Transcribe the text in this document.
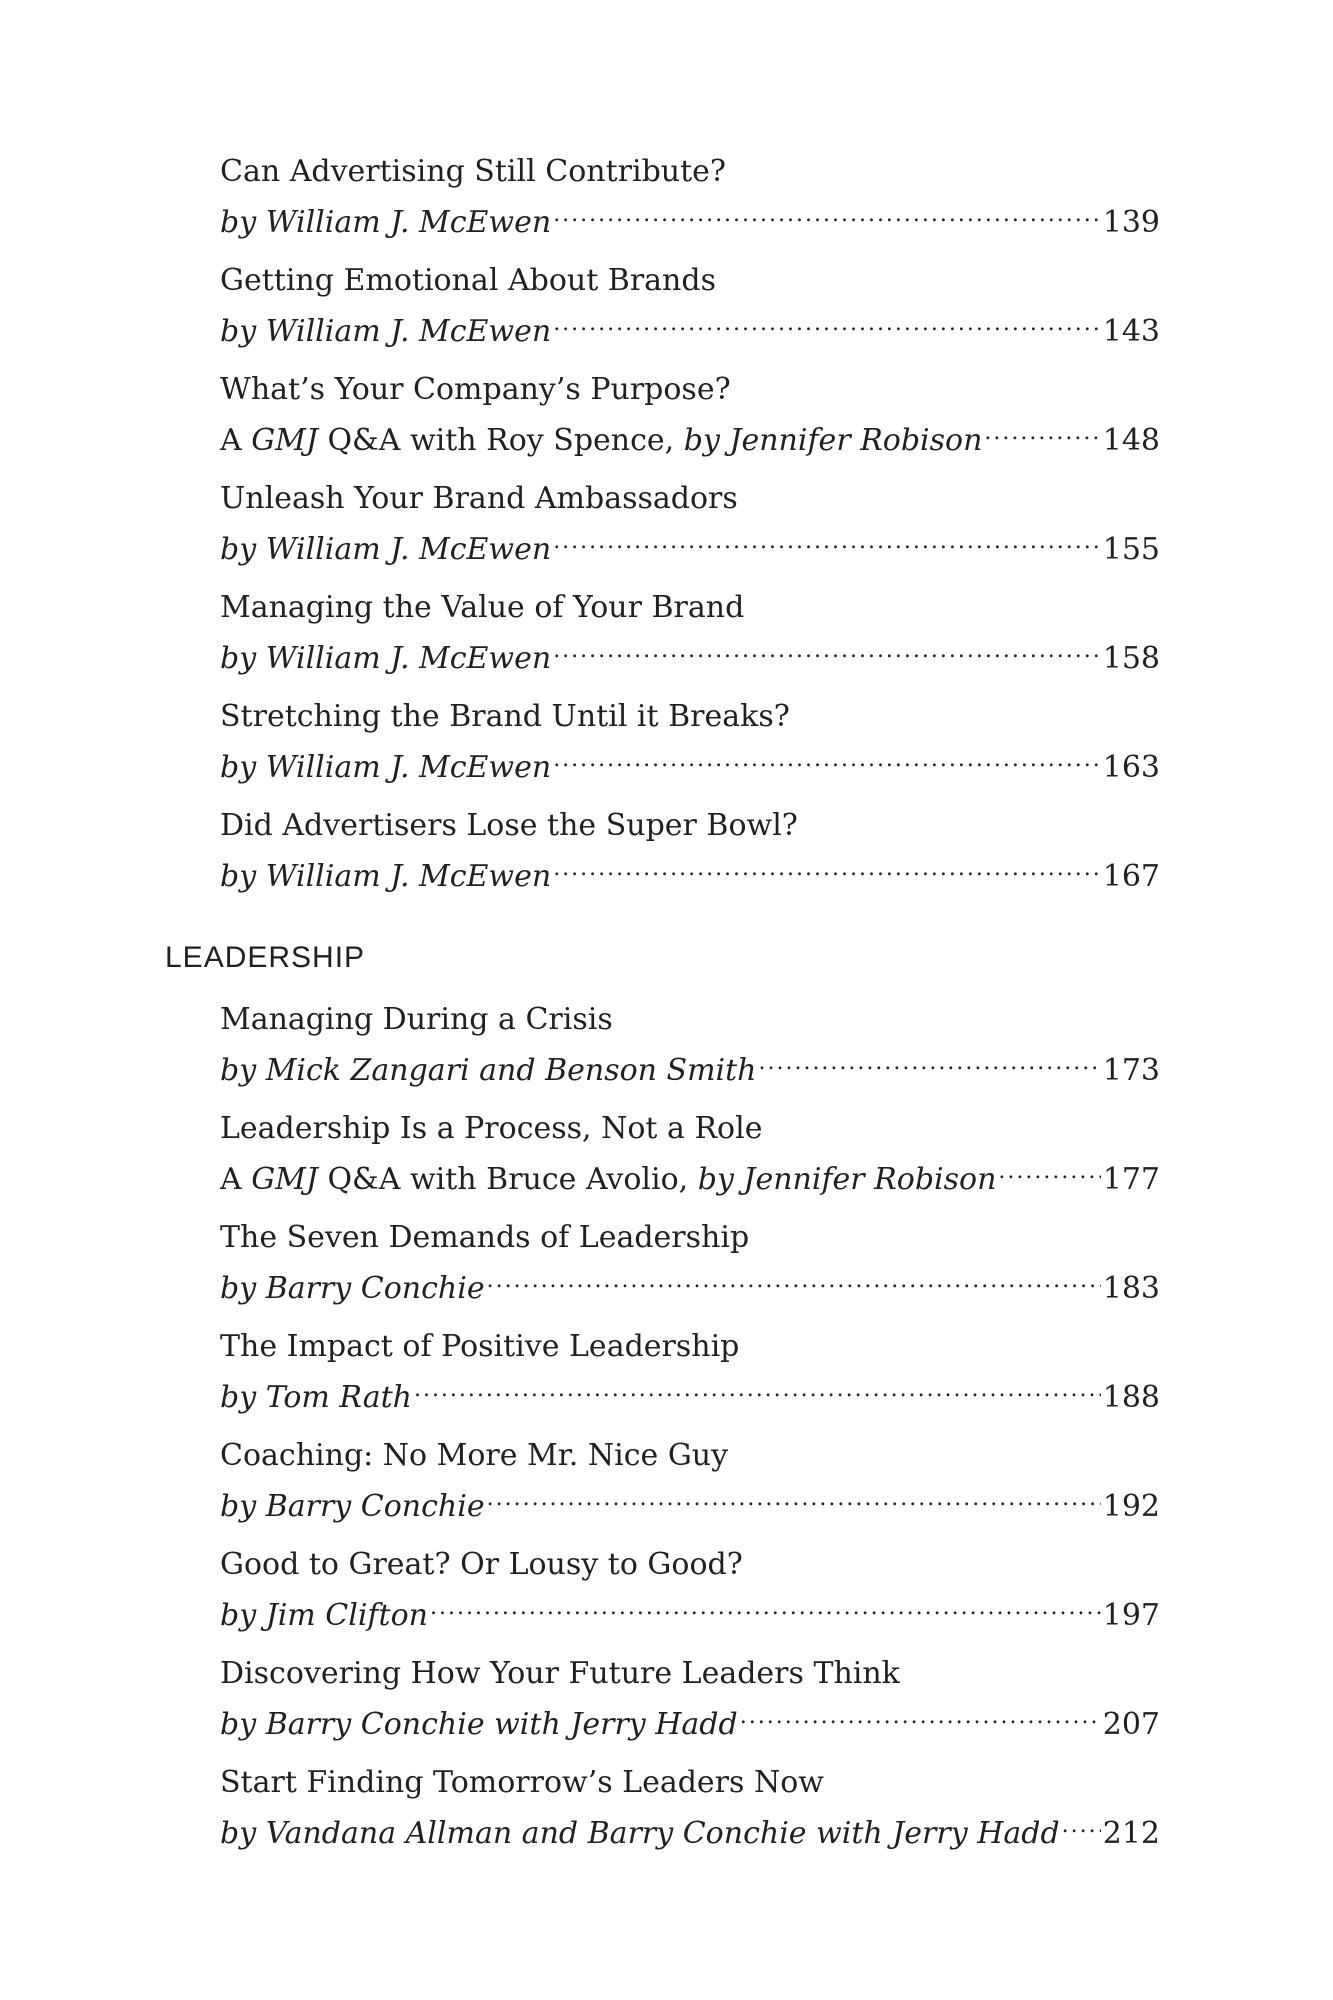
Can Advertising Still Contribute?
by William J. McEwen .....	139
Getting Emotional About Brands
by William J. McEwen .....	143
What’s Your Company’s Purpose?
A GMJ Q&A with Roy Spence, by Jennifer Robison .....	148
Unleash Your Brand Ambassadors
by William J. McEwen .....	155
Managing the Value of Your Brand
by William J. McEwen .....	158
Stretching the Brand Until it Breaks?
by William J. McEwen .....	163
Did Advertisers Lose the Super Bowl?
by William J. McEwen .....	167
LEADERSHIP
Managing During a Crisis
by Mick Zangari and Benson Smith .....	173
Leadership Is a Process, Not a Role
A GMJ Q&A with Bruce Avolio, by Jennifer Robison .....	177
The Seven Demands of Leadership
by Barry Conchie .....	183
The Impact of Positive Leadership
by Tom Rath .....	188
Coaching: No More Mr. Nice Guy
by Barry Conchie .....	192
Good to Great? Or Lousy to Good?
by Jim Clifton .....	197
Discovering How Your Future Leaders Think
by Barry Conchie with Jerry Hadd .....	207
Start Finding Tomorrow’s Leaders Now
by Vandana Allman and Barry Conchie with Jerry Hadd ..... 212
